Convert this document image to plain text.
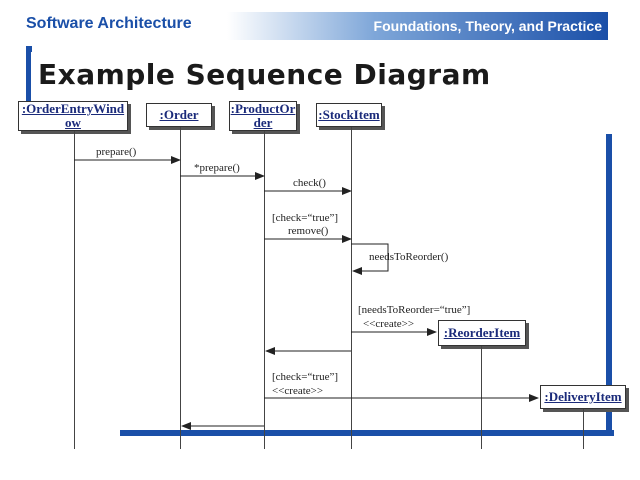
Software Architecture	Foundations, Theory, and Practice
Example Sequence Diagram
:OrderEntryWindow
:Order :ProductOrder
:StockItem
:ReorderItem
:DeliveryItem
prepare()
*prepare()
check()
[check=“true”]
remove()
needsToReorder()
[needsToReorder=“true”]
<<create>>
[check=“true”]
<<create>>
